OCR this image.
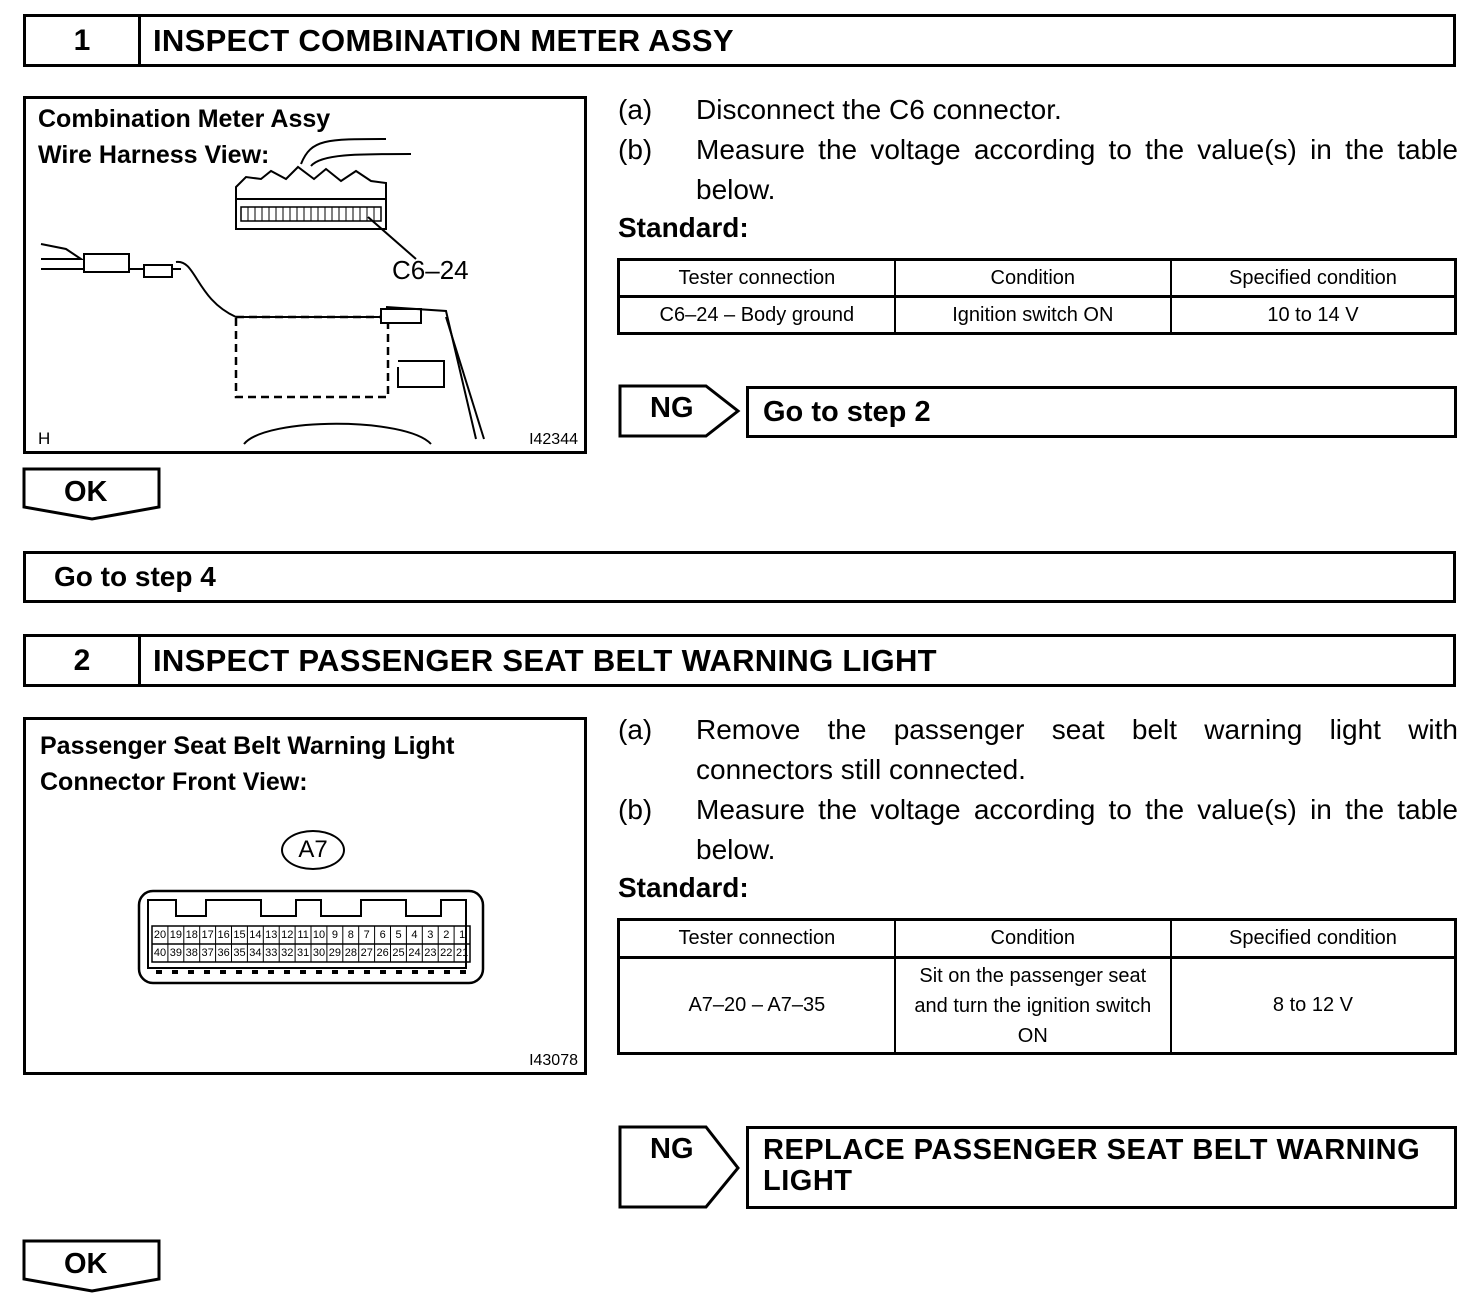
1	INSPECT COMBINATION METER ASSY
Combination Meter Assy
Wire Harness View:
C6–24
H	I42344
(a)	Disconnect the C6 connector.
(b)	Measure the voltage according to the value(s) in the table below.
Standard:
Tester connection	Condition	Specified condition
C6–24 – Body ground	Ignition switch ON	10 to 14 V
NG Go to step 2
OK
Go to step 4
2	INSPECT PASSENGER SEAT BELT WARNING LIGHT
Passenger Seat Belt Warning Light
Connector Front View:
A7
20 19 18 17 16 15 14 13 12 11 10 9 8 7 6 5 4 3 2 1
40 39 38 37 36 35 34 33 32 31 30 29 28 27 26 25 24 23 22 21
I43078
(a)	Remove the passenger seat belt warning light with connectors still connected.
(b)	Measure the voltage according to the value(s) in the table below.
Standard:
Tester connection	Condition	Specified condition
A7–20 – A7–35	Sit on the passenger seat and turn the ignition switch ON	8 to 12 V
NG	REPLACE PASSENGER SEAT BELT WARNING LIGHT
OK
